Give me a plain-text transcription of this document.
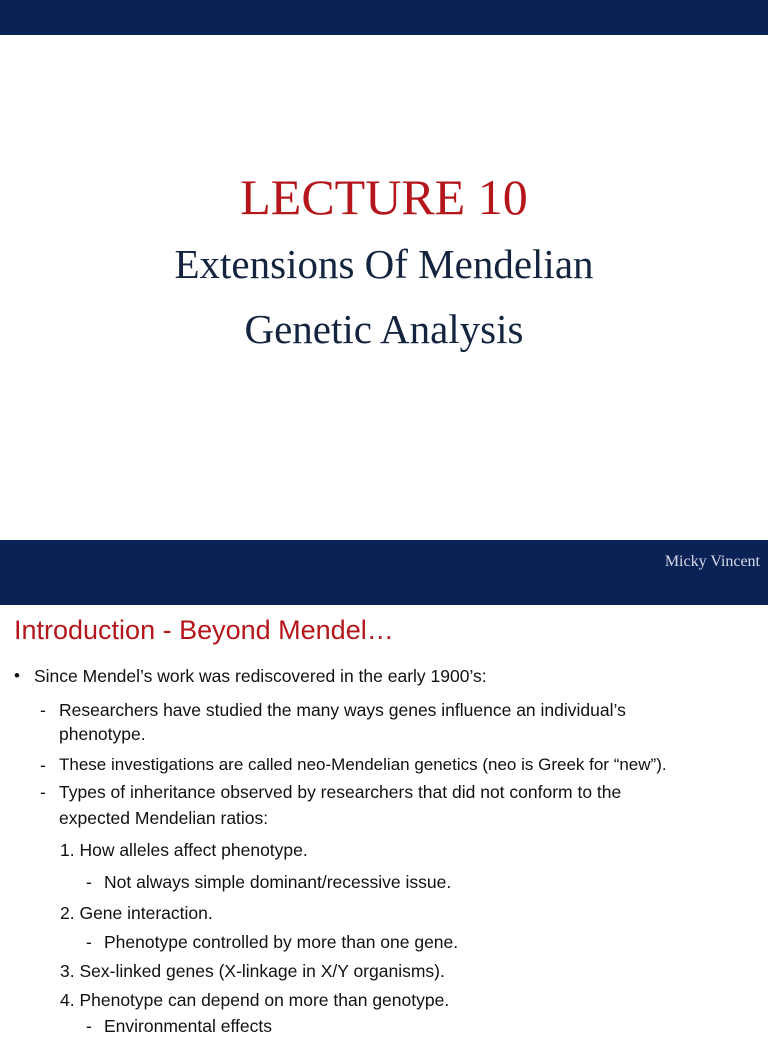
LECTURE 10
Extensions Of Mendelian
Genetic Analysis
Micky Vincent
Introduction - Beyond Mendel…
• Since Mendel’s work was rediscovered in the early 1900’s:
- Researchers have studied the many ways genes influence an individual’s
phenotype.
- These investigations are called neo-Mendelian genetics (neo is Greek for “new”).
- Types of inheritance observed by researchers that did not conform to the
expected Mendelian ratios:
1. How alleles affect phenotype.
- Not always simple dominant/recessive issue.
2. Gene interaction.
- Phenotype controlled by more than one gene.
3. Sex-linked genes (X-linkage in X/Y organisms).
4. Phenotype can depend on more than genotype.
- Environmental effects
